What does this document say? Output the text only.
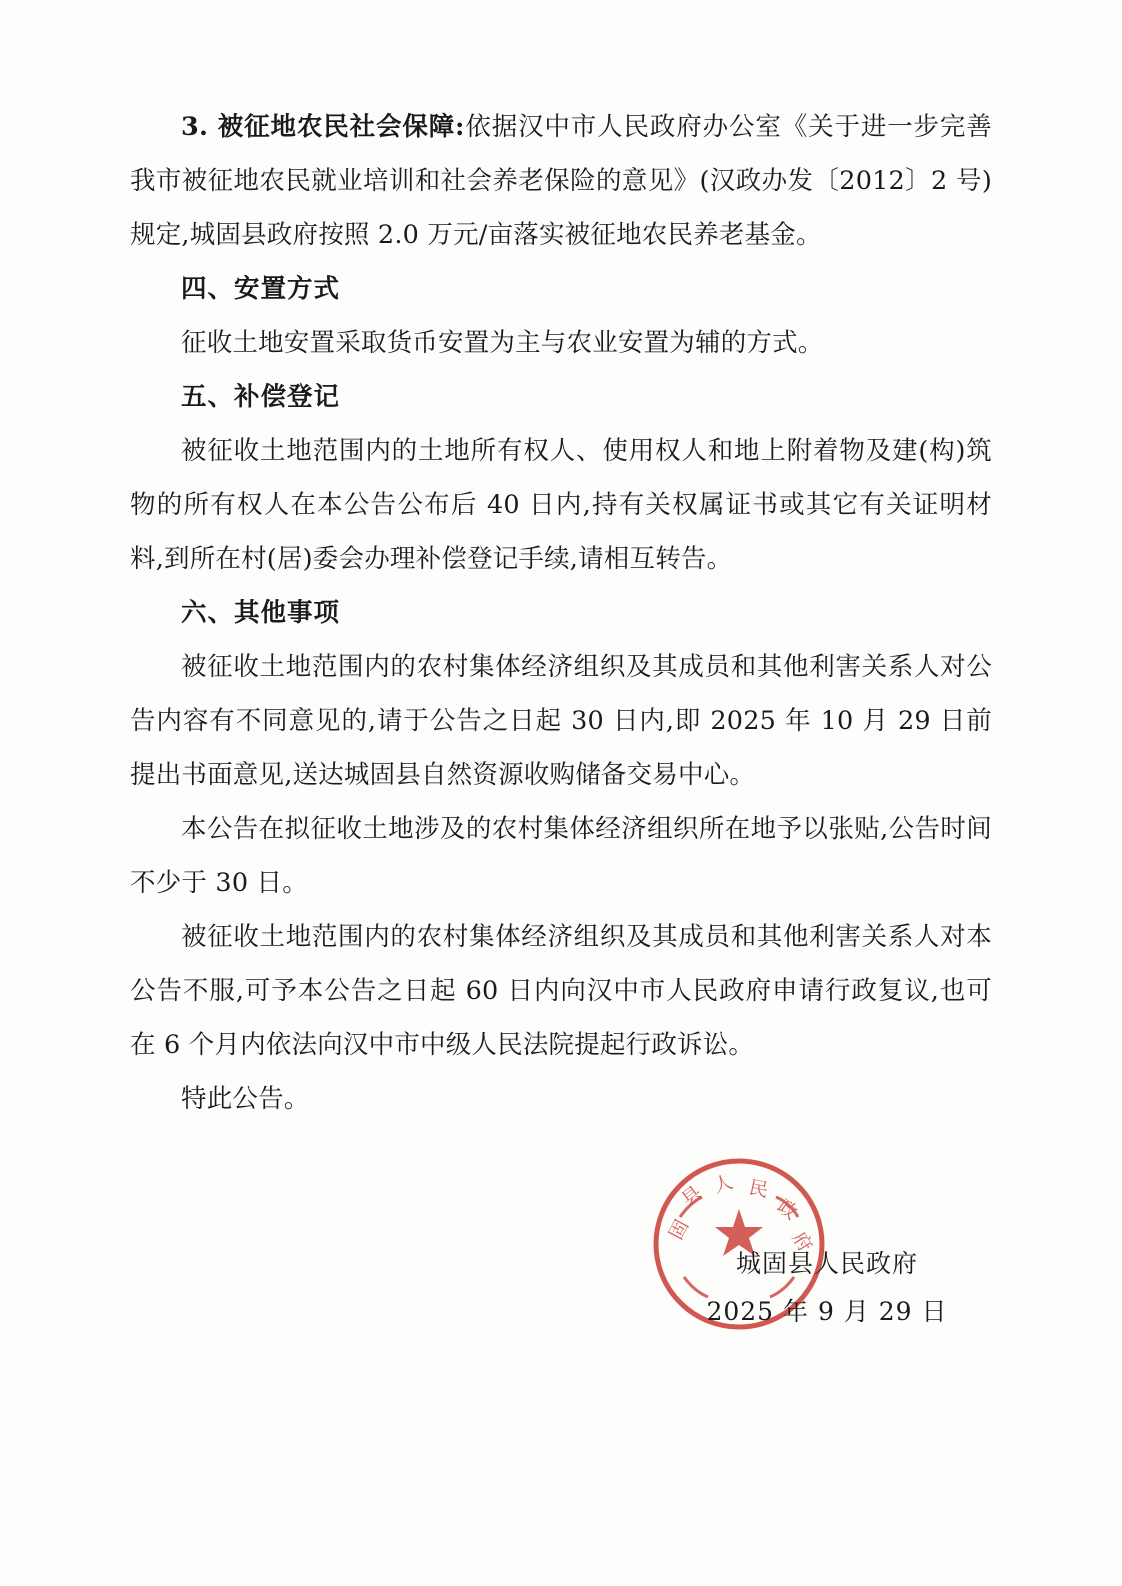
3. 被征地农民社会保障:依据汉中市人民政府办公室《关于进一步完善我市被征地农民就业培训和社会养老保险的意见》(汉政办发〔2012〕2 号)规定,城固县政府按照 2.0 万元/亩落实被征地农民养老基金。

四、安置方式

征收土地安置采取货币安置为主与农业安置为辅的方式。

五、补偿登记

被征收土地范围内的土地所有权人、使用权人和地上附着物及建(构)筑物的所有权人在本公告公布后 40 日内,持有关权属证书或其它有关证明材料,到所在村(居)委会办理补偿登记手续,请相互转告。

六、其他事项

被征收土地范围内的农村集体经济组织及其成员和其他利害关系人对公告内容有不同意见的,请于公告之日起 30 日内,即 2025 年 10 月 29 日前提出书面意见,送达城固县自然资源收购储备交易中心。

本公告在拟征收土地涉及的农村集体经济组织所在地予以张贴,公告时间不少于 30 日。

被征收土地范围内的农村集体经济组织及其成员和其他利害关系人对本公告不服,可予本公告之日起 60 日内向汉中市人民政府申请行政复议,也可在 6 个月内依法向汉中市中级人民法院提起行政诉讼。

特此公告。

县 人 民
政
府
固
城固县人民政府
2025 年 9 月 29 日
